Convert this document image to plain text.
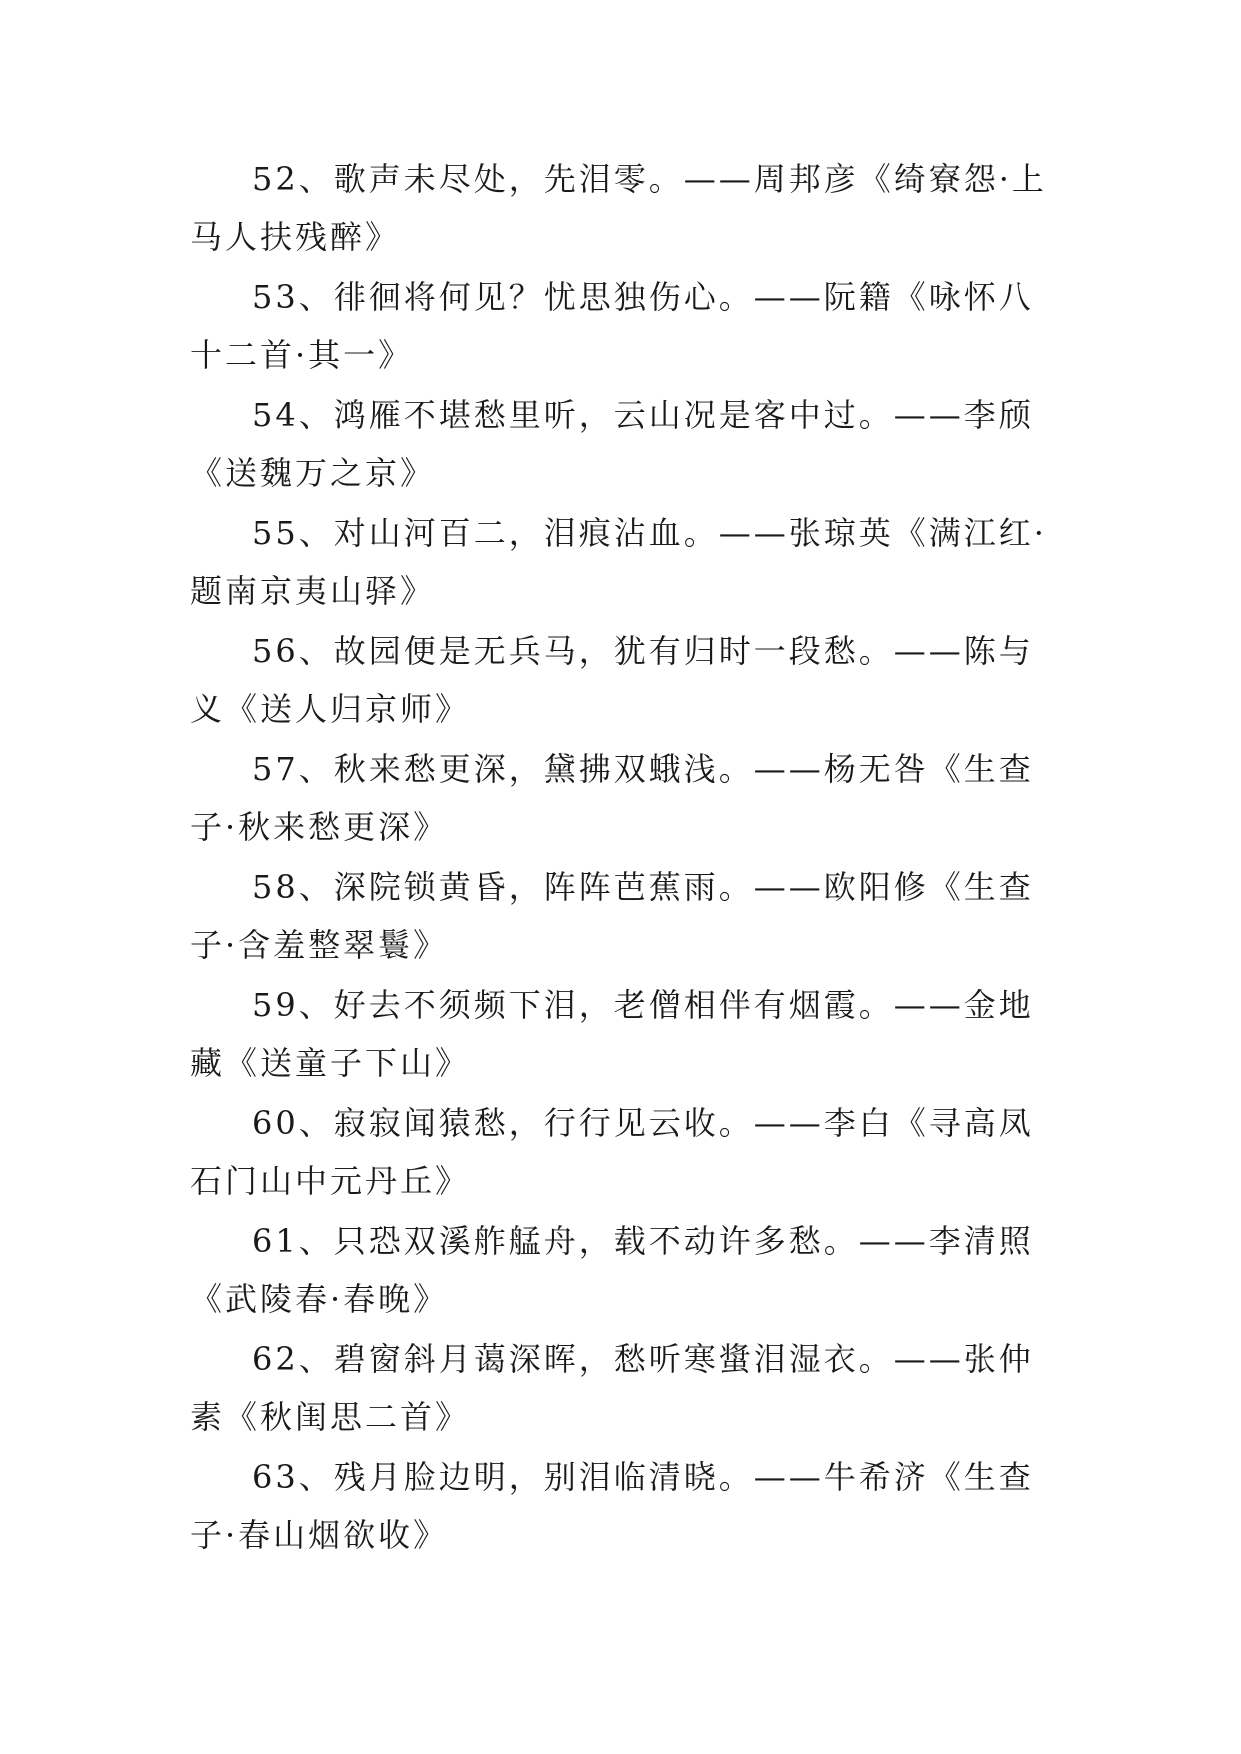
52、歌声未尽处，先泪零。——周邦彦《绮寮怨·上马人扶残醉》

53、徘徊将何见？忧思独伤心。——阮籍《咏怀八十二首·其一》

54、鸿雁不堪愁里听，云山况是客中过。——李颀《送魏万之京》

55、对山河百二，泪痕沾血。——张琼英《满江红·题南京夷山驿》

56、故园便是无兵马，犹有归时一段愁。——陈与义《送人归京师》

57、秋来愁更深，黛拂双蛾浅。——杨无咎《生查子·秋来愁更深》

58、深院锁黄昏，阵阵芭蕉雨。——欧阳修《生查子·含羞整翠鬟》

59、好去不须频下泪，老僧相伴有烟霞。——金地藏《送童子下山》

60、寂寂闻猿愁，行行见云收。——李白《寻高凤石门山中元丹丘》

61、只恐双溪舴艋舟，载不动许多愁。——李清照《武陵春·春晚》

62、碧窗斜月蔼深晖，愁听寒螀泪湿衣。——张仲素《秋闺思二首》

63、残月脸边明，别泪临清晓。——牛希济《生查子·春山烟欲收》
